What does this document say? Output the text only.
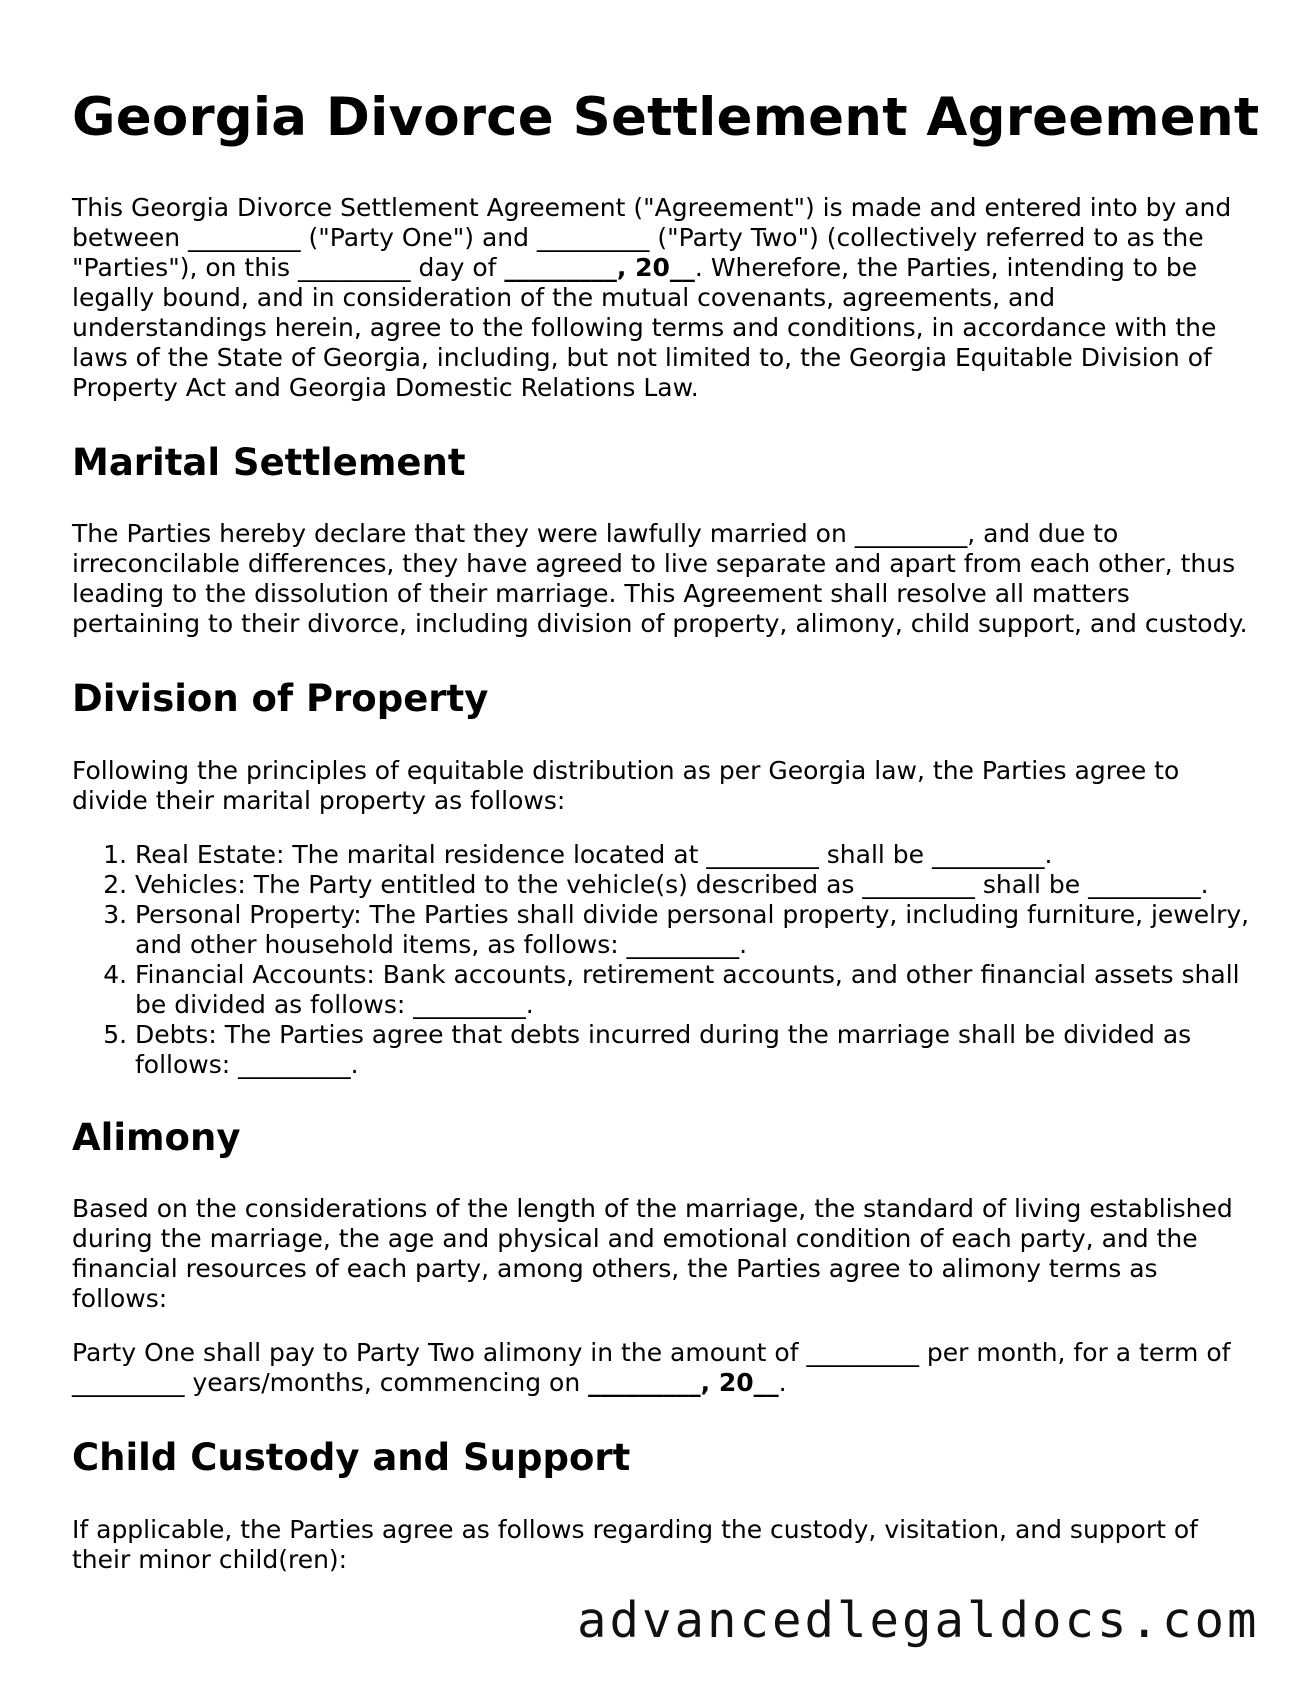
Georgia Divorce Settlement Agreement

This Georgia Divorce Settlement Agreement ("Agreement") is made and entered into by and between _________ ("Party One") and _________ ("Party Two") (collectively referred to as the "Parties"), on this _________ day of _________, 20__. Wherefore, the Parties, intending to be legally bound, and in consideration of the mutual covenants, agreements, and understandings herein, agree to the following terms and conditions, in accordance with the laws of the State of Georgia, including, but not limited to, the Georgia Equitable Division of Property Act and Georgia Domestic Relations Law.

Marital Settlement

The Parties hereby declare that they were lawfully married on _________, and due to irreconcilable differences, they have agreed to live separate and apart from each other, thus leading to the dissolution of their marriage. This Agreement shall resolve all matters pertaining to their divorce, including division of property, alimony, child support, and custody.

Division of Property

Following the principles of equitable distribution as per Georgia law, the Parties agree to divide their marital property as follows:

1. Real Estate: The marital residence located at _________ shall be _________.
2. Vehicles: The Party entitled to the vehicle(s) described as _________ shall be _________.
3. Personal Property: The Parties shall divide personal property, including furniture, jewelry, and other household items, as follows: _________.
4. Financial Accounts: Bank accounts, retirement accounts, and other financial assets shall be divided as follows: _________.
5. Debts: The Parties agree that debts incurred during the marriage shall be divided as follows: _________.
Alimony

Based on the considerations of the length of the marriage, the standard of living established during the marriage, the age and physical and emotional condition of each party, and the financial resources of each party, among others, the Parties agree to alimony terms as follows:

Party One shall pay to Party Two alimony in the amount of _________ per month, for a term of _________ years/months, commencing on _________, 20__.

Child Custody and Support

If applicable, the Parties agree as follows regarding the custody, visitation, and support of their minor child(ren):

advancedlegaldocs.com
